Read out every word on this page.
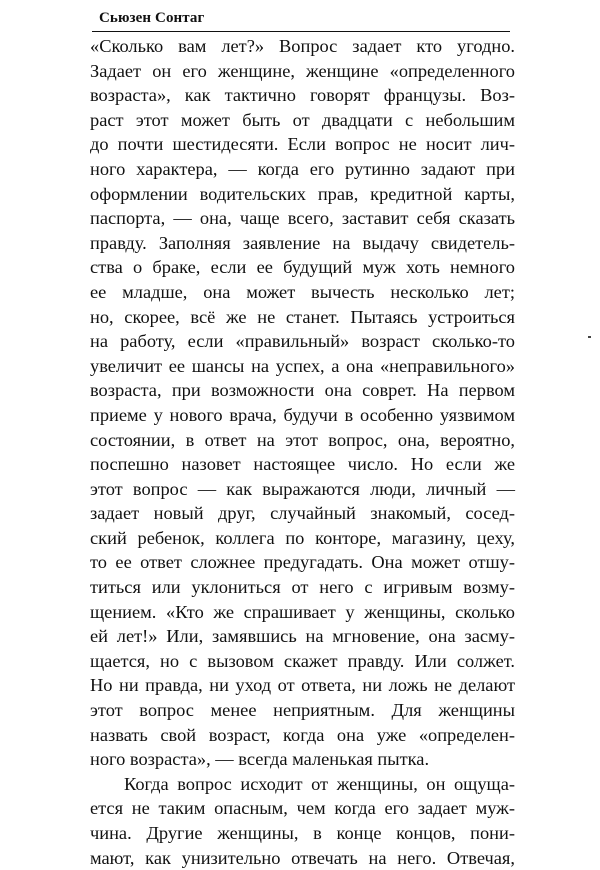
Сьюзен Сонтаг
«Сколько вам лет?» Вопрос задает кто угодно.
Задает он его женщине, женщине «определенного
возраста», как тактично говорят французы. Воз-
раст этот может быть от двадцати с небольшим
до почти шестидесяти. Если вопрос не носит лич-
ного характера, — когда его рутинно задают при
оформлении водительских прав, кредитной карты,
паспорта, — она, чаще всего, заставит себя сказать
правду. Заполняя заявление на выдачу свидетель-
ства о браке, если ее будущий муж хоть немного
ее младше, она может вычесть несколько лет;
но, скорее, всё же не станет. Пытаясь устроиться
на работу, если «правильный» возраст сколько-то
увеличит ее шансы на успех, а она «неправильного»
возраста, при возможности она соврет. На первом
приеме у нового врача, будучи в особенно уязвимом
состоянии, в ответ на этот вопрос, она, вероятно,
поспешно назовет настоящее число. Но если же
этот вопрос — как выражаются люди, личный —
задает новый друг, случайный знакомый, сосед-
ский ребенок, коллега по конторе, магазину, цеху,
то ее ответ сложнее предугадать. Она может отшу-
титься или уклониться от него с игривым возму-
щением. «Кто же спрашивает у женщины, сколько
ей лет!» Или, замявшись на мгновение, она засму-
щается, но с вызовом скажет правду. Или солжет.
Но ни правда, ни уход от ответа, ни ложь не делают
этот вопрос менее неприятным. Для женщины
назвать свой возраст, когда она уже «определен-
ного возраста», — всегда маленькая пытка.
Когда вопрос исходит от женщины, он ощуща-
ется не таким опасным, чем когда его задает муж-
чина. Другие женщины, в конце концов, пони-
мают, как унизительно отвечать на него. Отвечая,
